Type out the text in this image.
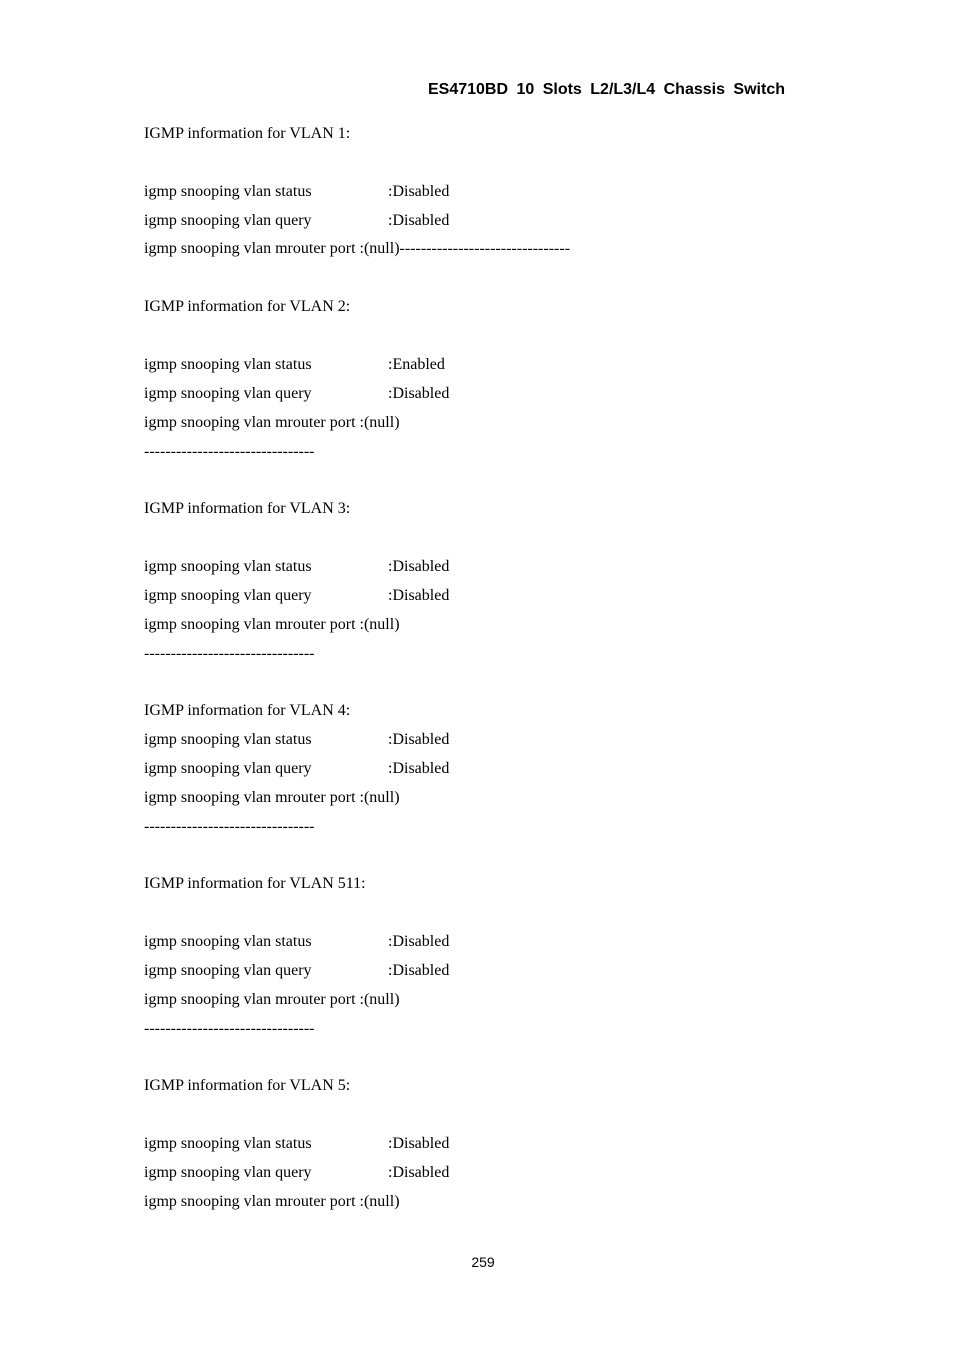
ES4710BD 10 Slots L2/L3/L4 Chassis Switch
IGMP information for VLAN 1:
igmp snooping vlan status	:Disabled
igmp snooping vlan query	:Disabled
igmp snooping vlan mrouter port :(null)--------------------------------
IGMP information for VLAN 2:
igmp snooping vlan status	:Enabled
igmp snooping vlan query	:Disabled
igmp snooping vlan mrouter port :(null)
--------------------------------
IGMP information for VLAN 3:
igmp snooping vlan status	:Disabled
igmp snooping vlan query	:Disabled
igmp snooping vlan mrouter port :(null)
--------------------------------
IGMP information for VLAN 4:
igmp snooping vlan status	:Disabled
igmp snooping vlan query	:Disabled
igmp snooping vlan mrouter port :(null)
--------------------------------
IGMP information for VLAN 511:
igmp snooping vlan status	:Disabled
igmp snooping vlan query	:Disabled
igmp snooping vlan mrouter port :(null)
--------------------------------
IGMP information for VLAN 5:
igmp snooping vlan status	:Disabled
igmp snooping vlan query	:Disabled
igmp snooping vlan mrouter port :(null)
259
